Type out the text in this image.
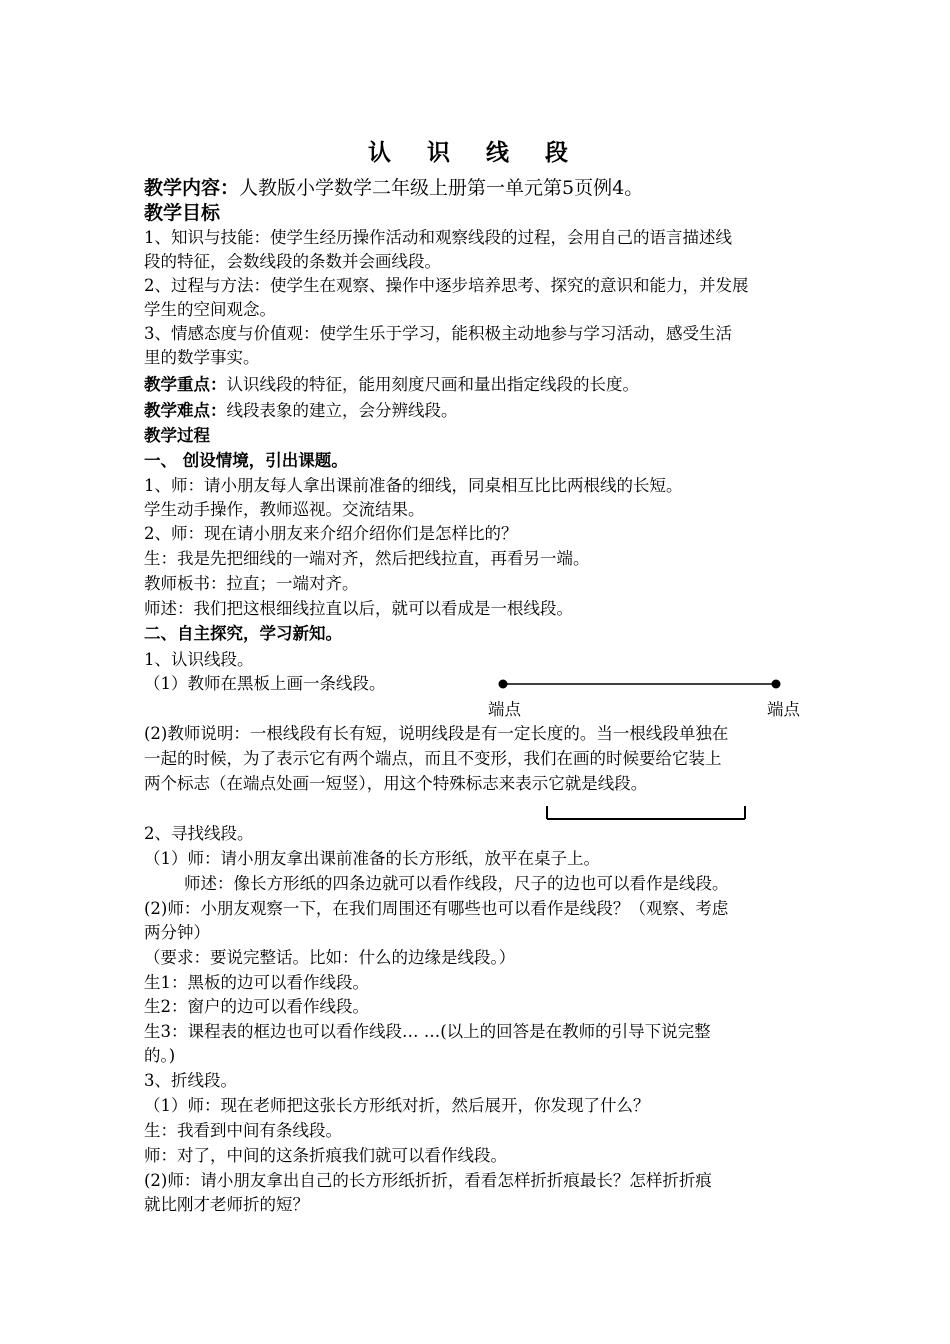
认 识 线 段
教学内容：人教版小学数学二年级上册第一单元第5页例4。
教学目标
1、知识与技能：使学生经历操作活动和观察线段的过程，会用自己的语言描述线
段的特征，会数线段的条数并会画线段。
2、过程与方法：使学生在观察、操作中逐步培养思考、探究的意识和能力，并发展
学生的空间观念。
3、情感态度与价值观：使学生乐于学习，能积极主动地参与学习活动，感受生活
里的数学事实。
教学重点：认识线段的特征，能用刻度尺画和量出指定线段的长度。
教学难点：线段表象的建立，会分辨线段。
教学过程
一、 创设情境，引出课题。
1、师：请小朋友每人拿出课前准备的细线，同桌相互比比两根线的长短。
学生动手操作，教师巡视。交流结果。
2、师：现在请小朋友来介绍介绍你们是怎样比的？
生：我是先把细线的一端对齐，然后把线拉直，再看另一端。
教师板书：拉直；一端对齐。
师述：我们把这根细线拉直以后，就可以看成是一根线段。
二、自主探究，学习新知。
1、认识线段。
（1）教师在黑板上画一条线段。
端点	端点
(2)教师说明：一根线段有长有短，说明线段是有一定长度的。当一根线段单独在
一起的时候，为了表示它有两个端点，而且不变形，我们在画的时候要给它装上
两个标志（在端点处画一短竖），用这个特殊标志来表示它就是线段。
2、寻找线段。
（1）师：请小朋友拿出课前准备的长方形纸，放平在桌子上。
师述：像长方形纸的四条边就可以看作线段，尺子的边也可以看作是线段。
(2)师：小朋友观察一下，在我们周围还有哪些也可以看作是线段？（观察、考虑
两分钟）
（要求：要说完整话。比如：什么的边缘是线段。）
生1：黑板的边可以看作线段。
生2：窗户的边可以看作线段。
生3：课程表的框边也可以看作线段… …(以上的回答是在教师的引导下说完整
的。)
3、折线段。
（1）师：现在老师把这张长方形纸对折，然后展开，你发现了什么？
生：我看到中间有条线段。
师：对了，中间的这条折痕我们就可以看作线段。
(2)师：请小朋友拿出自己的长方形纸折折，看看怎样折折痕最长？怎样折折痕
就比刚才老师折的短？
